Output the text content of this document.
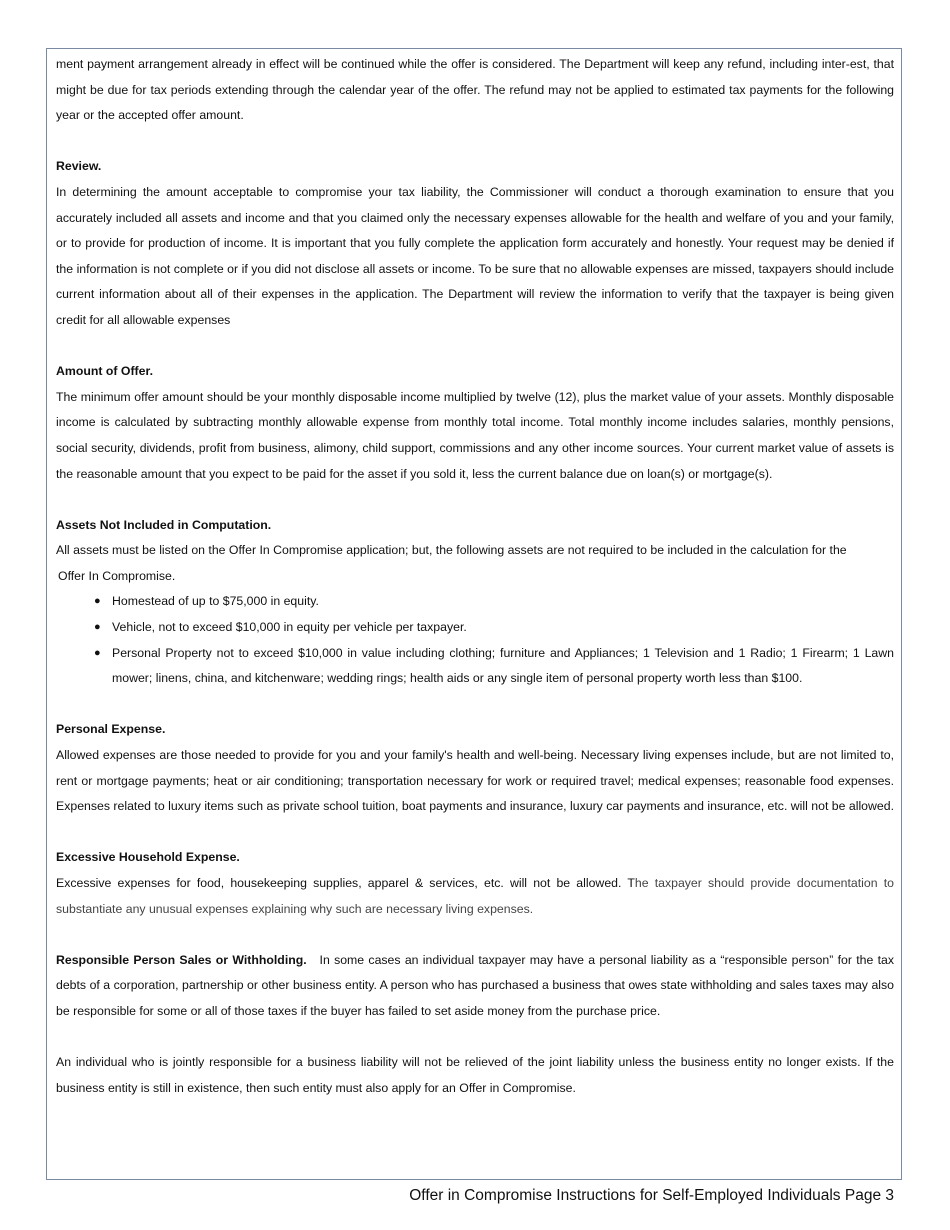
ment payment arrangement already in effect will be continued while the offer is considered. The Department will keep any refund, including inter-est, that might be due for tax periods extending through the calendar year of the offer. The refund may not be applied to estimated tax payments for the following year or the accepted offer amount.

Review.

In determining the amount acceptable to compromise your tax liability, the Commissioner will conduct a thorough examination to ensure that you accurately included all assets and income and that you claimed only the necessary expenses allowable for the health and welfare of you and your family, or to provide for production of income. It is important that you fully complete the application form accurately and honestly. Your request may be denied if the information is not complete or if you did not disclose all assets or income. To be sure that no allowable expenses are missed, taxpayers should include current information about all of their expenses in the application. The Department will review the information to verify that the taxpayer is being given credit for all allowable expenses

Amount of Offer.

The minimum offer amount should be your monthly disposable income multiplied by twelve (12), plus the market value of your assets. Monthly disposable income is calculated by subtracting monthly allowable expense from monthly total income. Total monthly income includes salaries, monthly pensions, social security, dividends, profit from business, alimony, child support, commissions and any other income sources. Your current market value of assets is the reasonable amount that you expect to be paid for the asset if you sold it, less the current balance due on loan(s) or mortgage(s).

Assets Not Included in Computation.

All assets must be listed on the Offer In Compromise application; but, the following assets are not required to be included in the calculation for the

Offer In Compromise.

● Homestead of up to $75,000 in equity.
● Vehicle, not to exceed $10,000 in equity per vehicle per taxpayer.
● Personal Property not to exceed $10,000 in value including clothing; furniture and Appliances; 1 Television and 1 Radio; 1 Firearm; 1 Lawn mower; linens, china, and kitchenware; wedding rings; health aids or any single item of personal property worth less than $100.

Personal Expense.

Allowed expenses are those needed to provide for you and your family's health and well-being. Necessary living expenses include, but are not limited to, rent or mortgage payments; heat or air conditioning; transportation necessary for work or required travel; medical expenses; reasonable food expenses. Expenses related to luxury items such as private school tuition, boat payments and insurance, luxury car payments and insurance, etc. will not be allowed.

Excessive Household Expense.

Excessive expenses for food, housekeeping supplies, apparel & services, etc. will not be allowed. The taxpayer should provide documentation to substantiate any unusual expenses explaining why such are necessary living expenses.

Responsible Person Sales or Withholding. In some cases an individual taxpayer may have a personal liability as a “responsible person” for the tax debts of a corporation, partnership or other business entity. A person who has purchased a business that owes state withholding and sales taxes may also be responsible for some or all of those taxes if the buyer has failed to set aside money from the purchase price.

An individual who is jointly responsible for a business liability will not be relieved of the joint liability unless the business entity no longer exists. If the business entity is still in existence, then such entity must also apply for an Offer in Compromise.

Offer in Compromise Instructions for Self-Employed Individuals Page 3
